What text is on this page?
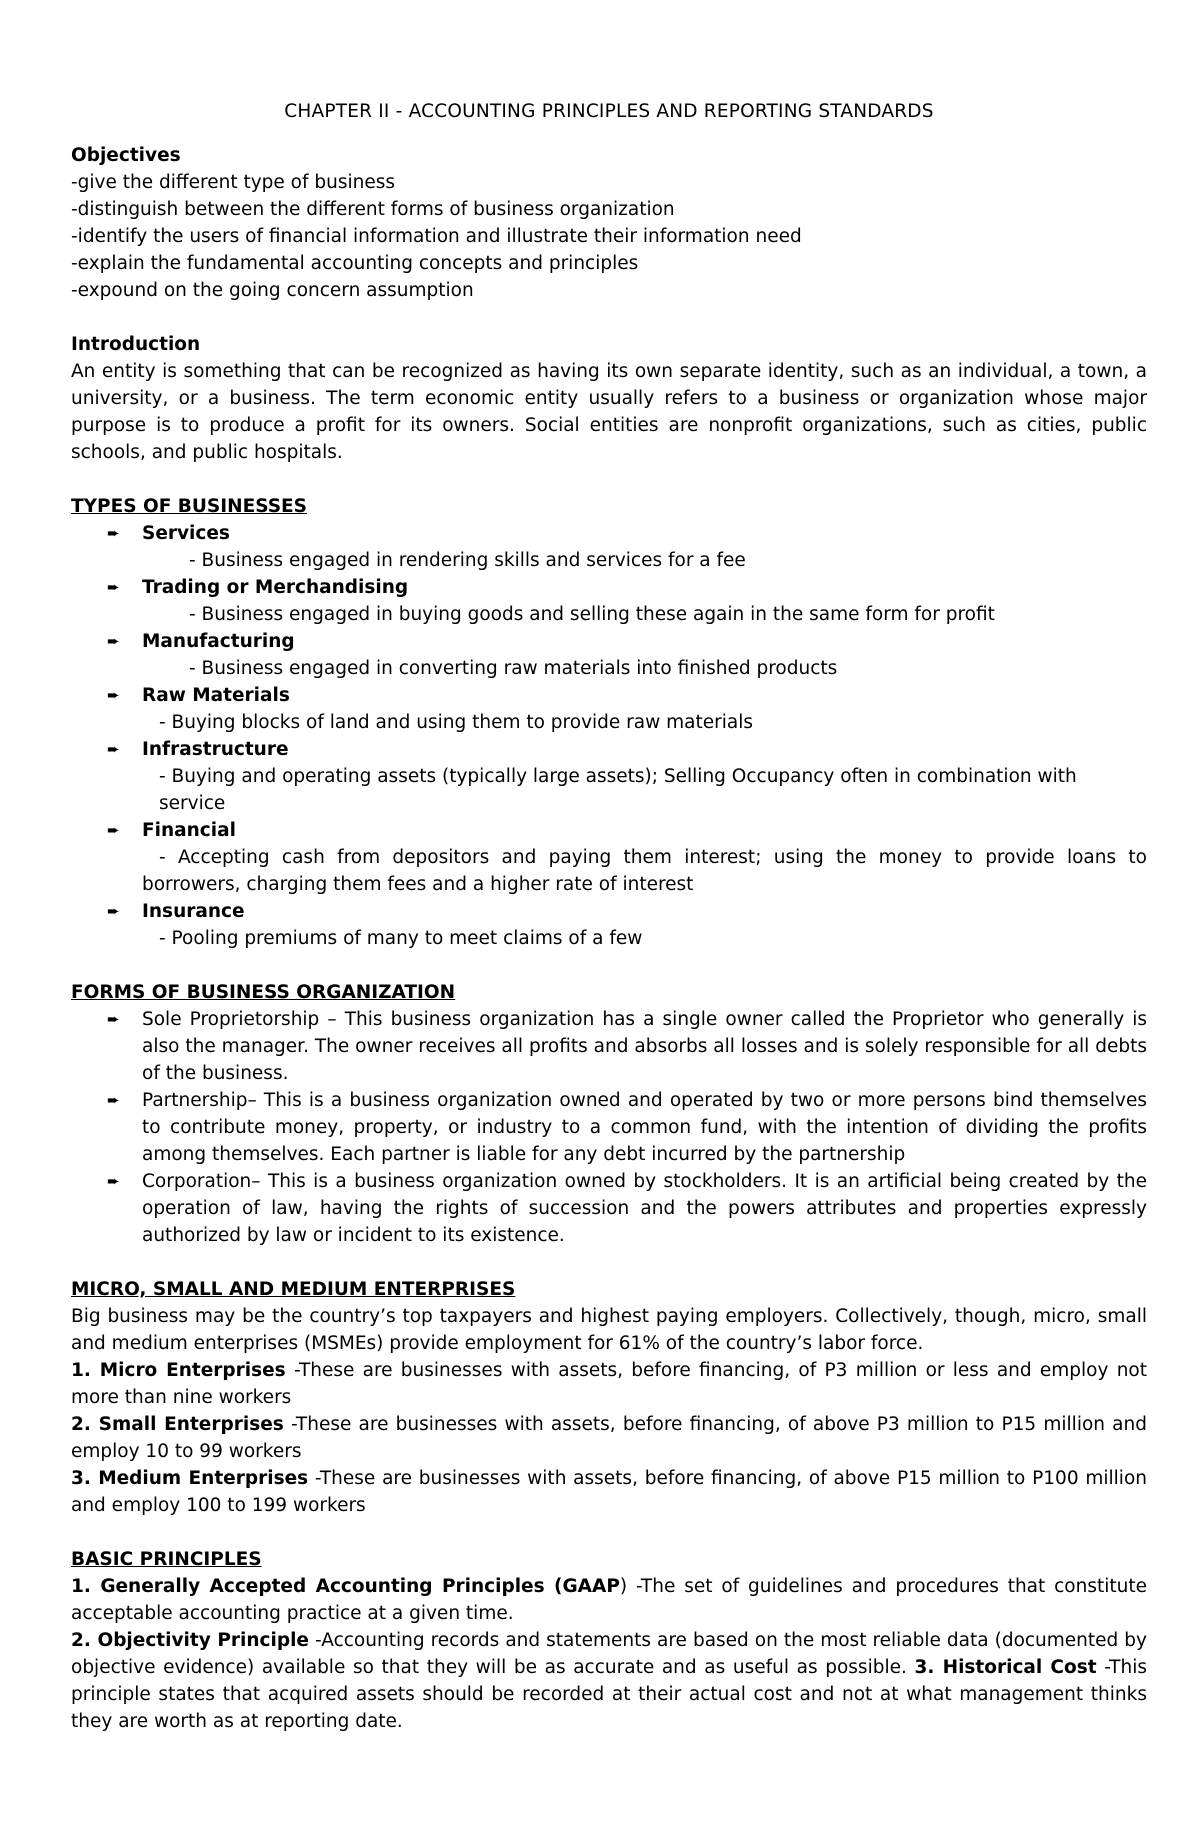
CHAPTER II - ACCOUNTING PRINCIPLES AND REPORTING STANDARDS

Objectives

-give the different type of business

-distinguish between the different forms of business organization

-identify the users of financial information and illustrate their information need

-explain the fundamental accounting concepts and principles

-expound on the going concern assumption

Introduction

An entity is something that can be recognized as having its own separate identity, such as an individual, a town, a university, or a business. The term economic entity usually refers to a business or organization whose major purpose is to produce a profit for its owners. Social entities are nonprofit organizations, such as cities, public schools, and public hospitals.

TYPES OF BUSINESSES

➨ Services

- Business engaged in rendering skills and services for a fee

➨ Trading or Merchandising

- Business engaged in buying goods and selling these again in the same form for profit

➨ Manufacturing

- Business engaged in converting raw materials into finished products

➨ Raw Materials

- Buying blocks of land and using them to provide raw materials

➨ Infrastructure

- Buying and operating assets (typically large assets); Selling Occupancy often in combination with service

➨ Financial

- Accepting cash from depositors and paying them interest; using the money to provide loans to borrowers, charging them fees and a higher rate of interest

➨ Insurance

- Pooling premiums of many to meet claims of a few

FORMS OF BUSINESS ORGANIZATION

➨ Sole Proprietorship – This business organization has a single owner called the Proprietor who generally is also the manager. The owner receives all profits and absorbs all losses and is solely responsible for all debts of the business.

➨ Partnership– This is a business organization owned and operated by two or more persons bind themselves to contribute money, property, or industry to a common fund, with the intention of dividing the profits among themselves. Each partner is liable for any debt incurred by the partnership

➨ Corporation– This is a business organization owned by stockholders. It is an artificial being created by the operation of law, having the rights of succession and the powers attributes and properties expressly authorized by law or incident to its existence.

MICRO, SMALL AND MEDIUM ENTERPRISES

Big business may be the country’s top taxpayers and highest paying employers. Collectively, though, micro, small and medium enterprises (MSMEs) provide employment for 61% of the country’s labor force.

1. Micro Enterprises -These are businesses with assets, before financing, of P3 million or less and employ not more than nine workers

2. Small Enterprises -These are businesses with assets, before financing, of above P3 million to P15 million and employ 10 to 99 workers

3. Medium Enterprises -These are businesses with assets, before financing, of above P15 million to P100 million and employ 100 to 199 workers

BASIC PRINCIPLES

1. Generally Accepted Accounting Principles (GAAP) -The set of guidelines and procedures that constitute acceptable accounting practice at a given time.

2. Objectivity Principle -Accounting records and statements are based on the most reliable data (documented by objective evidence) available so that they will be as accurate and as useful as possible. 3. Historical Cost -This principle states that acquired assets should be recorded at their actual cost and not at what management thinks they are worth as at reporting date.
